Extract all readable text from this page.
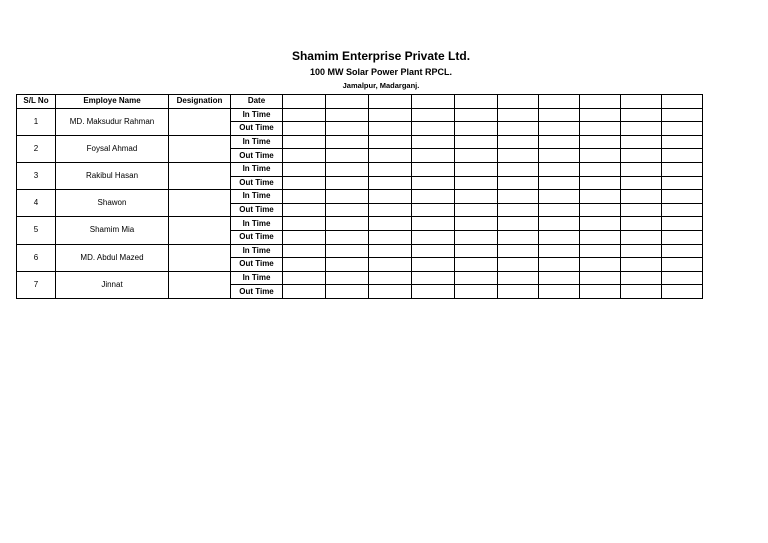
Shamim Enterprise Private Ltd.
100 MW Solar Power Plant RPCL.
Jamalpur, Madarganj.
S/L No	Employe Name	Designation	Date										
1	MD. Maksudur Rahman		In Time										
			Out Time										
2	Foysal Ahmad		In Time										
			Out Time										
3	Rakibul Hasan		In Time										
			Out Time										
4	Shawon		In Time										
			Out Time										
5	Shamim Mia		In Time										
			Out Time										
6	MD. Abdul Mazed		In Time										
			Out Time										
7	Jinnat		In Time										
			Out Time										
